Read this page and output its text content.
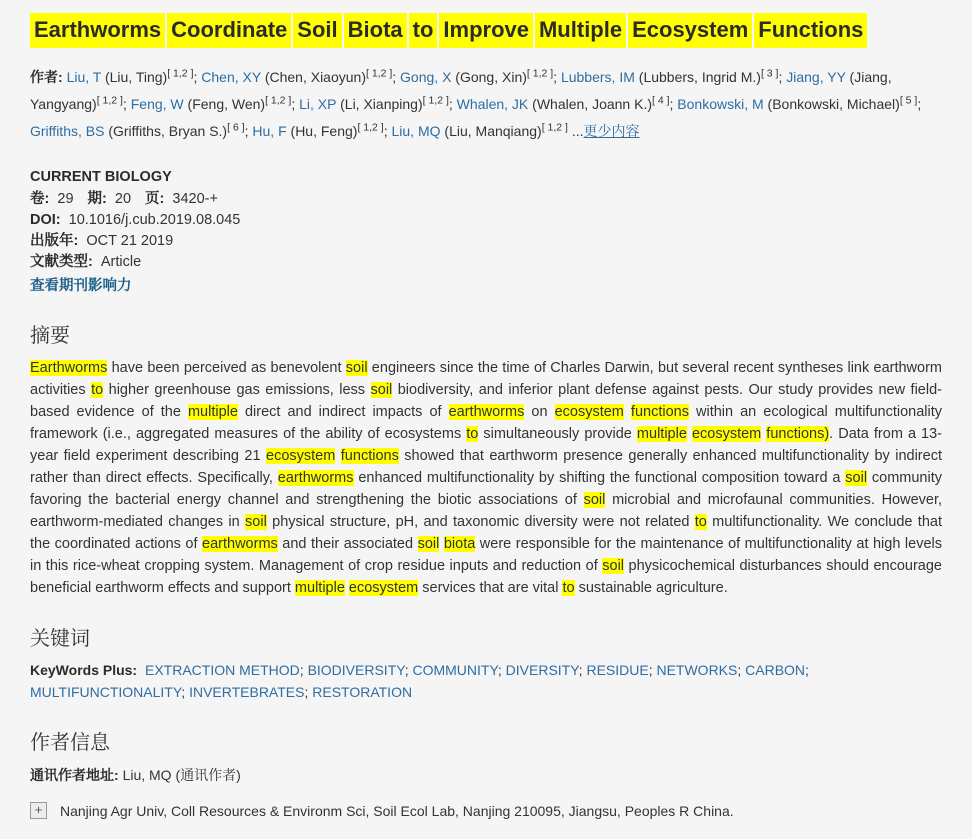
Earthworms Coordinate Soil Biota to Improve Multiple Ecosystem Functions

作者: Liu, T (Liu, Ting)[ 1,2 ]; Chen, XY (Chen, Xiaoyun)[ 1,2 ]; Gong, X (Gong, Xin)[ 1,2 ]; Lubbers, IM (Lubbers, Ingrid M.)[ 3 ]; Jiang, YY (Jiang, Yangyang)[ 1,2 ]; Feng, W (Feng, Wen)[ 1,2 ]; Li, XP (Li, Xianping)[ 1,2 ]; Whalen, JK (Whalen, Joann K.)[ 4 ]; Bonkowski, M (Bonkowski, Michael)[ 5 ]; Griffiths, BS (Griffiths, Bryan S.)[ 6 ]; Hu, F (Hu, Feng)[ 1,2 ]; Liu, MQ (Liu, Manqiang)[ 1,2 ] ...更少内容

CURRENT BIOLOGY

卷: 29 期: 20 页: 3420-+

DOI: 10.1016/j.cub.2019.08.045

出版年: OCT 21 2019

文献类型: Article

查看期刊影响力
摘要

Earthworms have been perceived as benevolent soil engineers since the time of Charles Darwin, but several recent syntheses link earthworm activities to higher greenhouse gas emissions, less soil biodiversity, and inferior plant defense against pests. Our study provides new field-based evidence of the multiple direct and indirect impacts of earthworms on ecosystem functions within an ecological multifunctionality framework (i.e., aggregated measures of the ability of ecosystems to simultaneously provide multiple ecosystem functions). Data from a 13-year field experiment describing 21 ecosystem functions showed that earthworm presence generally enhanced multifunctionality by indirect rather than direct effects. Specifically, earthworms enhanced multifunctionality by shifting the functional composition toward a soil community favoring the bacterial energy channel and strengthening the biotic associations of soil microbial and microfaunal communities. However, earthworm-mediated changes in soil physical structure, pH, and taxonomic diversity were not related to multifunctionality. We conclude that the coordinated actions of earthworms and their associated soil biota were responsible for the maintenance of multifunctionality at high levels in this rice-wheat cropping system. Management of crop residue inputs and reduction of soil physicochemical disturbances should encourage beneficial earthworm effects and support multiple ecosystem services that are vital to sustainable agriculture.

关键词

KeyWords Plus: EXTRACTION METHOD; BIODIVERSITY; COMMUNITY; DIVERSITY; RESIDUE; NETWORKS; CARBON; MULTIFUNCTIONALITY; INVERTEBRATES; RESTORATION

作者信息

通讯作者地址: Liu, MQ (通讯作者)

+	Nanjing Agr Univ, Coll Resources & Environm Sci, Soil Ecol Lab, Nanjing 210095, Jiangsu, Peoples R China.
